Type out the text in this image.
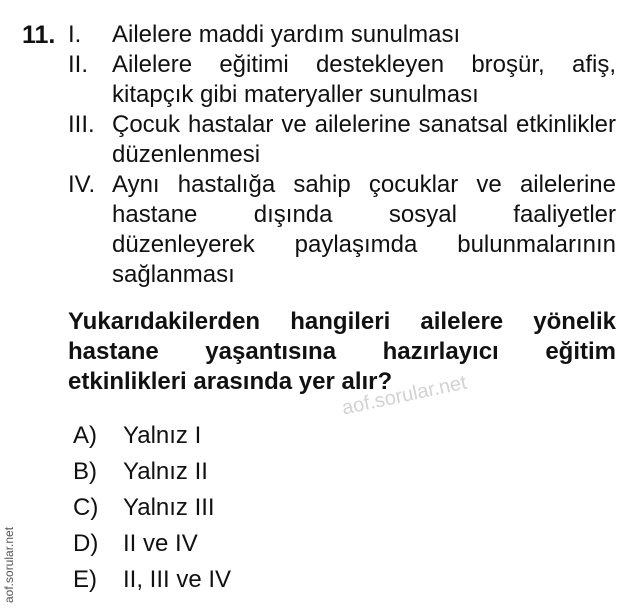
11. I.	Ailelere maddi yardım sunulması
II. Ailelere eğitimi destekleyen broşür, afiş, kitapçık gibi materyaller sunulması
III. Çocuk hastalar ve ailelerine sanatsal etkinlikler düzenlenmesi
IV. Aynı hastalığa sahip çocuklar ve ailelerine hastane dışında sosyal faaliyetler düzenleyerek paylaşımda bulunmalarının sağlanması
Yukarıdakilerden hangileri ailelere yönelik hastane yaşantısına hazırlayıcı eğitim etkinlikleri arasında yer alır?
A)	Yalnız I
B)	Yalnız II
C)	Yalnız III
D)	II ve IV
E)	II, III ve IV
aof.sorular.net
aof.sorular.net
